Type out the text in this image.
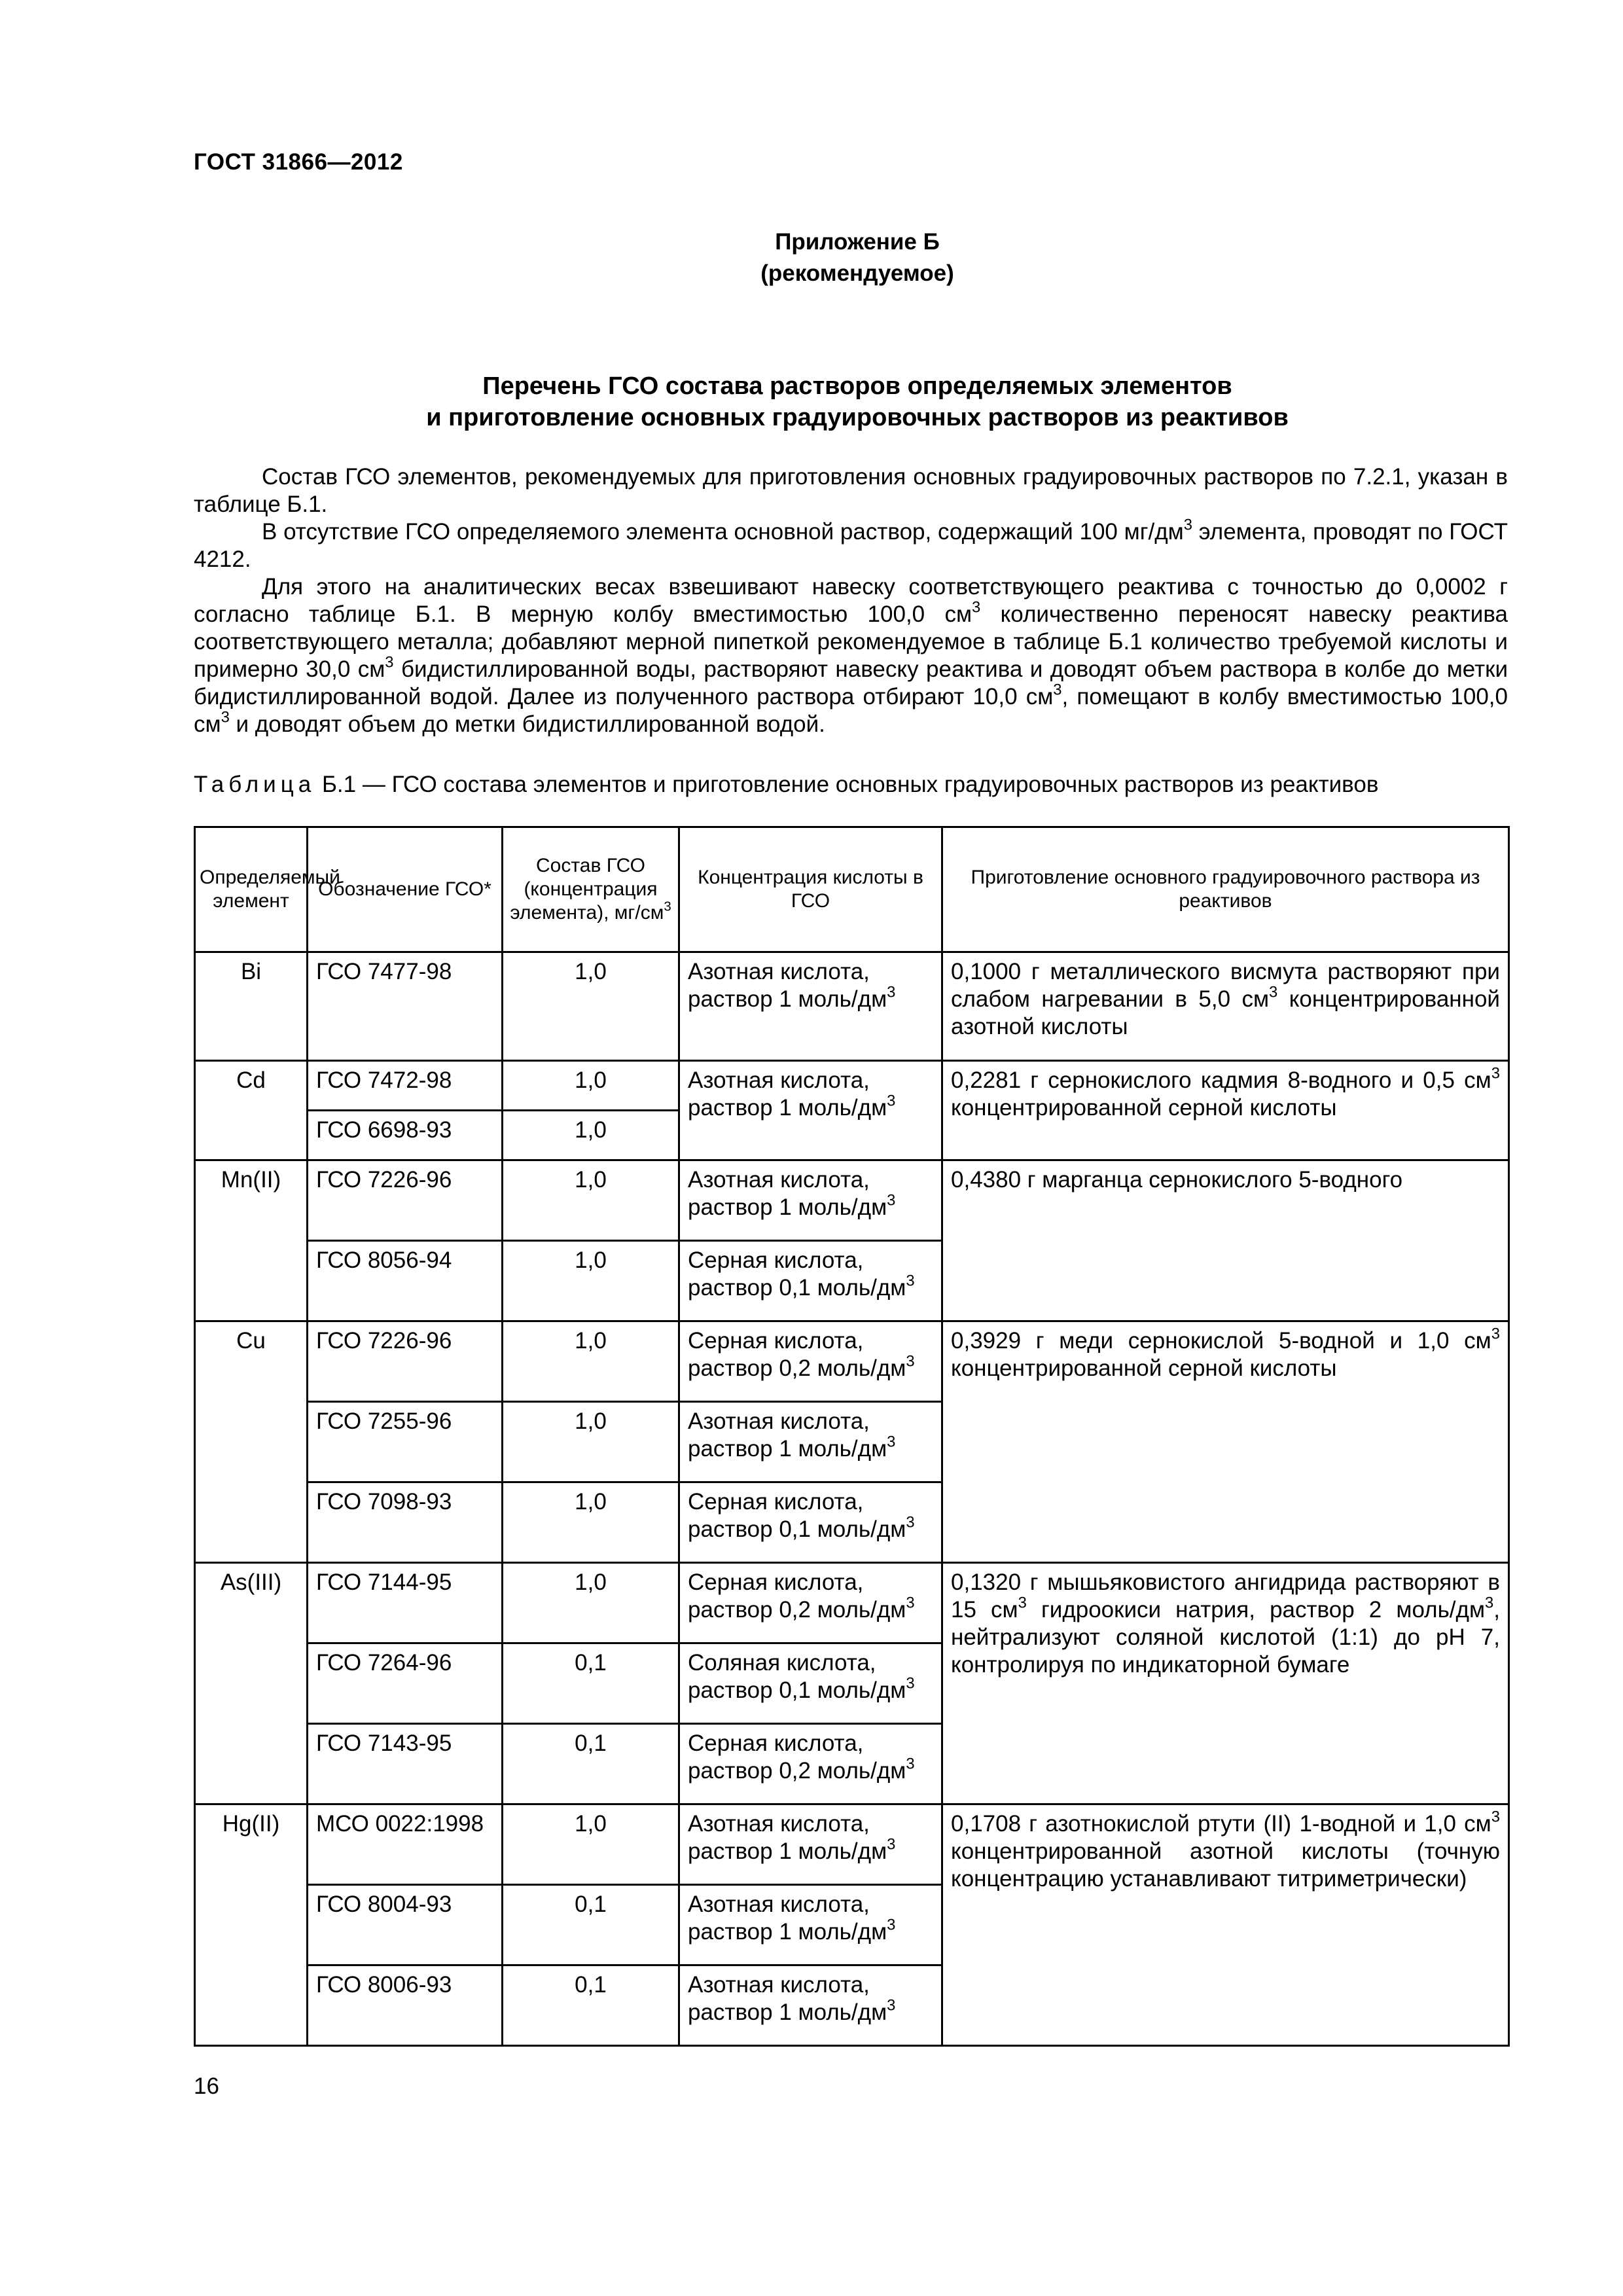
ГОСТ 31866—2012
Приложение Б
(рекомендуемое)
Перечень ГСО состава растворов определяемых элементов
и приготовление основных градуировочных растворов из реактивов

Состав ГСО элементов, рекомендуемых для приготовления основных градуировочных растворов по 7.2.1, указан в таблице Б.1.

В отсутствие ГСО определяемого элемента основной раствор, содержащий 100 $мг/дм^3$ элемента, проводят по ГОСТ 4212.

Для этого на аналитических весах взвешивают навеску соответствующего реактива с точностью до 0,0002 г согласно таблице Б.1. В мерную колбу вместимостью 100,0 $см^3$ количественно переносят навеску реактива соответствующего металла; добавляют мерной пипеткой рекомендуемое в таблице Б.1 количество требуемой кислоты и примерно 30,0 $см^3$ бидистиллированной воды, растворяют навеску реактива и доводят объем раствора в колбе до метки бидистиллированной водой. Далее из полученного раствора отбирают 10,0 $см^3$, помещают в колбу вместимостью 100,0 $см^3$ и доводят объем до метки бидистиллированной водой.

Таблица Б.1 — ГСО состава элементов и приготовление основных градуировочных растворов из реактивов
Определяемый элемент	Обозначение ГСО*	Состав ГСО (концентрация элемента), $мг/см^3$	Концентрация кислоты в ГСО	Приготовление основного градуировочного раствора из реактивов
Bi	ГСО 7477-98	1,0	Азотная кислота, раствор 1 моль/$дм^3$	0,1000 г металлического висмута растворяют при слабом нагревании в 5,0 $см^3$ концентрированной азотной кислоты
Cd	ГСО 7472-98	1,0	Азотная кислота, раствор 1 моль/$дм^3$	0,2281 г сернокислого кадмия 8-водного и 0,5 $см^3$ концентрированной серной кислоты
	ГСО 6698-93	1,0		
Mn(II)	ГСО 7226-96	1,0	Азотная кислота, раствор 1 моль/$дм^3$	0,4380 г марганца сернокислого 5-водного
	ГСО 8056-94	1,0	Серная кислота, раствор 0,1 моль/$дм^3$
Cu	ГСО 7226-96	1,0	Серная кислота, раствор 0,2 моль/$дм^3$	0,3929 г меди сернокислой 5-водной и 1,0 $см^3$ концентрированной серной кислоты
	ГСО 7255-96	1,0	Азотная кислота, раствор 1 моль/$дм^3$
	ГСО 7098-93	1,0	Серная кислота, раствор 0,1 моль/$дм^3$
As(III)	ГСО 7144-95	1,0	Серная кислота, раствор 0,2 моль/$дм^3$	0,1320 г мышьяковистого ангидрида растворяют в 15 $см^3$ гидроокиси натрия, раствор 2 моль/$дм^3$, нейтрализуют соляной кислотой (1:1) до pH 7, контролируя по индикаторной бумаге
	ГСО 7264-96	0,1	Соляная кислота, раствор 0,1 моль/$дм^3$
	ГСО 7143-95	0,1	Серная кислота, раствор 0,2 моль/$дм^3$
Hg(II)	МСО 0022:1998	1,0	Азотная кислота, раствор 1 моль/$дм^3$	0,1708 г азотнокислой ртути (II) 1-водной и 1,0 $см^3$ концентрированной азотной кислоты (точную концентрацию устанавливают титриметрически)
	ГСО 8004-93	0,1	Азотная кислота, раствор 1 моль/$дм^3$
	ГСО 8006-93	0,1	Азотная кислота, раствор 1 моль/$дм^3$
16
